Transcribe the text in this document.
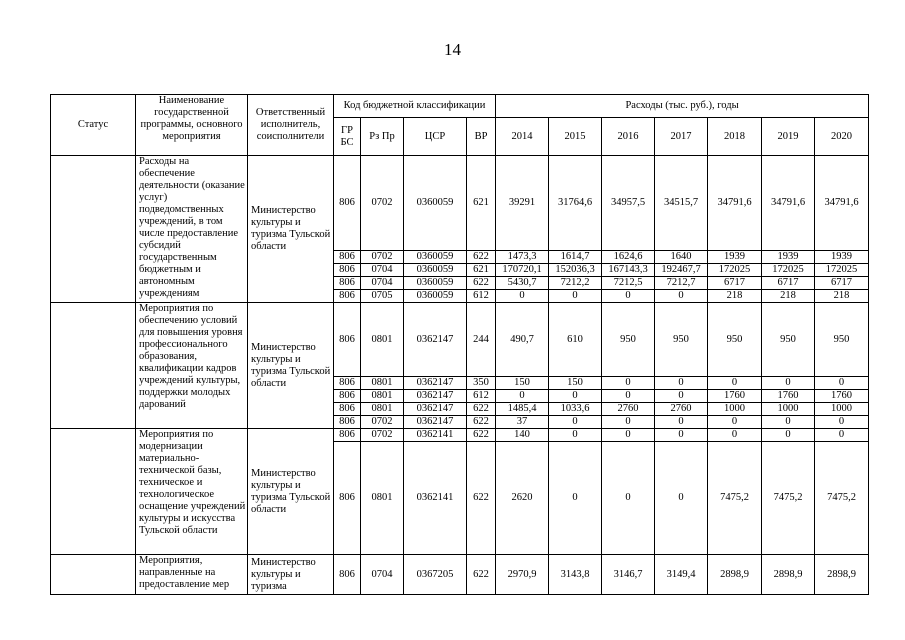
14
Статус	Наименование государственной программы, основного мероприятия	Ответственный исполнитель, соисполнители	Код бюджетной классификации				Расходы (тыс. руб.), годы						
			ГР БС	Рз Пр	ЦСР	ВР	2014	2015	2016	2017	2018	2019	2020
	Расходы на обеспечение деятельности (оказание услуг) подведомственных учреждений, в том числе предоставление субсидий государственным бюджетным и автономным учреждениям	Министерство культуры и туризма Тульской области	806	0702	0360059	621	39291	31764,6	34957,5	34515,7	34791,6	34791,6	34791,6
			806	0702	0360059	622	1473,3	1614,7	1624,6	1640	1939	1939	1939
			806	0704	0360059	621	170720,1	152036,3	167143,3	192467,7	172025	172025	172025
			806	0704	0360059	622	5430,7	7212,2	7212,5	7212,7	6717	6717	6717
			806	0705	0360059	612	0	0	0	0	218	218	218
	Мероприятия по обеспечению условий для повышения уровня профессионального образования, квалификации кадров учреждений культуры, поддержки молодых дарований	Министерство культуры и туризма Тульской области	806	0801	0362147	244	490,7	610	950	950	950	950	950
			806	0801	0362147	350	150	150	0	0	0	0	0
			806	0801	0362147	612	0	0	0	0	1760	1760	1760
			806	0801	0362147	622	1485,4	1033,6	2760	2760	1000	1000	1000
			806	0702	0362147	622	37	0	0	0	0	0	0
	Мероприятия по модернизации материально-технической базы, техническое и технологическое оснащение учреждений культуры и искусства Тульской области	Министерство культуры и туризма Тульской области	806	0702	0362141	622	140	0	0	0	0	0	0
			806	0801	0362141	622	2620	0	0	0	7475,2	7475,2	7475,2
	Мероприятия, направленные на предоставление мер	Министерство культуры и туризма	806	0704	0367205	622	2970,9	3143,8	3146,7	3149,4	2898,9	2898,9	2898,9
